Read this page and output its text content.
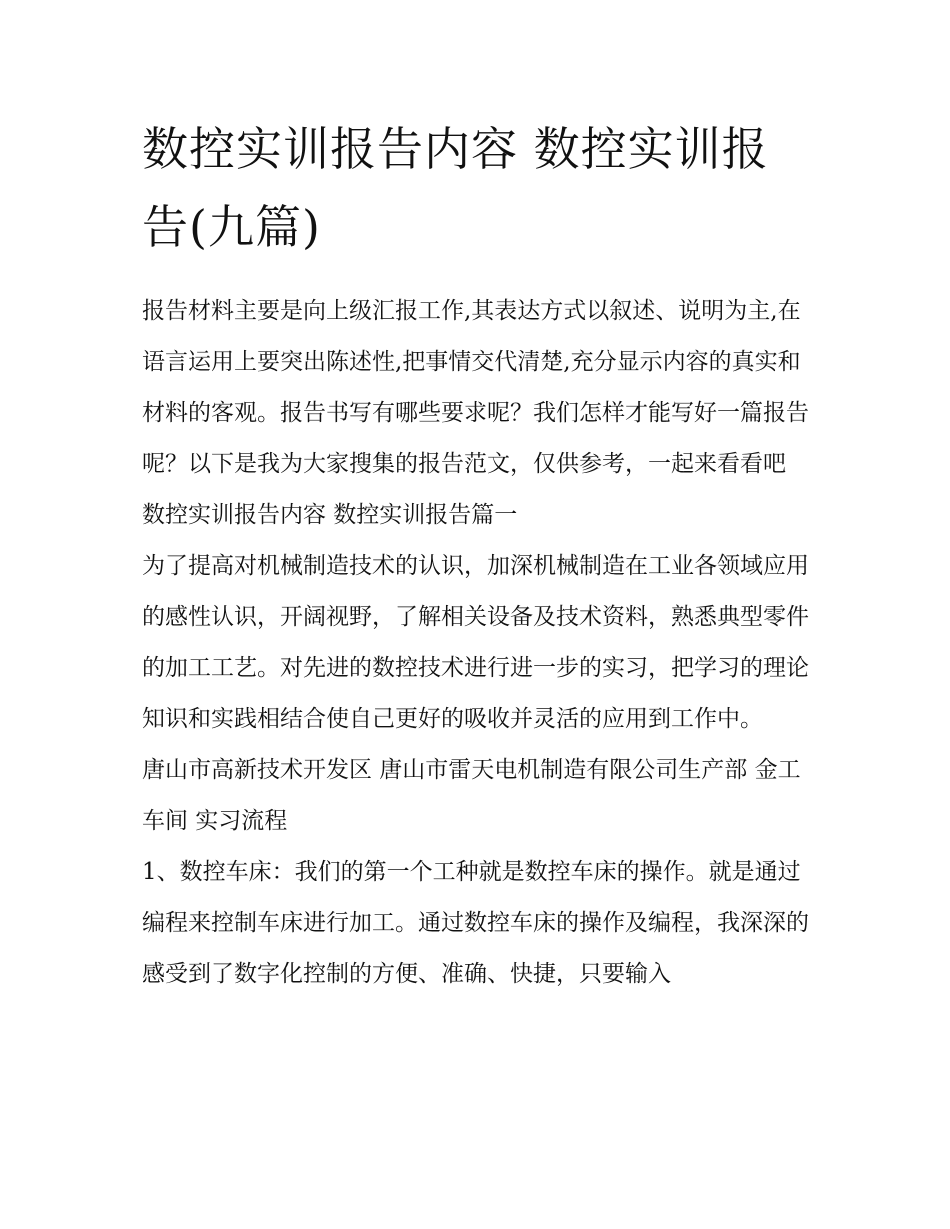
数控实训报告内容 数控实训报告(九篇)

报告材料主要是向上级汇报工作,其表达方式以叙述、说明为主,在语言运用上要突出陈述性,把事情交代清楚,充分显示内容的真实和材料的客观。报告书写有哪些要求呢？我们怎样才能写好一篇报告呢？以下是我为大家搜集的报告范文，仅供参考，一起来看看吧

数控实训报告内容 数控实训报告篇一

为了提高对机械制造技术的认识，加深机械制造在工业各领域应用的感性认识，开阔视野，了解相关设备及技术资料，熟悉典型零件的加工工艺。对先进的数控技术进行进一步的实习，把学习的理论知识和实践相结合使自己更好的吸收并灵活的应用到工作中。

唐山市高新技术开发区 唐山市雷天电机制造有限公司生产部 金工车间 实习流程

1、数控车床：我们的第一个工种就是数控车床的操作。就是通过编程来控制车床进行加工。通过数控车床的操作及编程，我深深的感受到了数字化控制的方便、准确、快捷，只要输入
